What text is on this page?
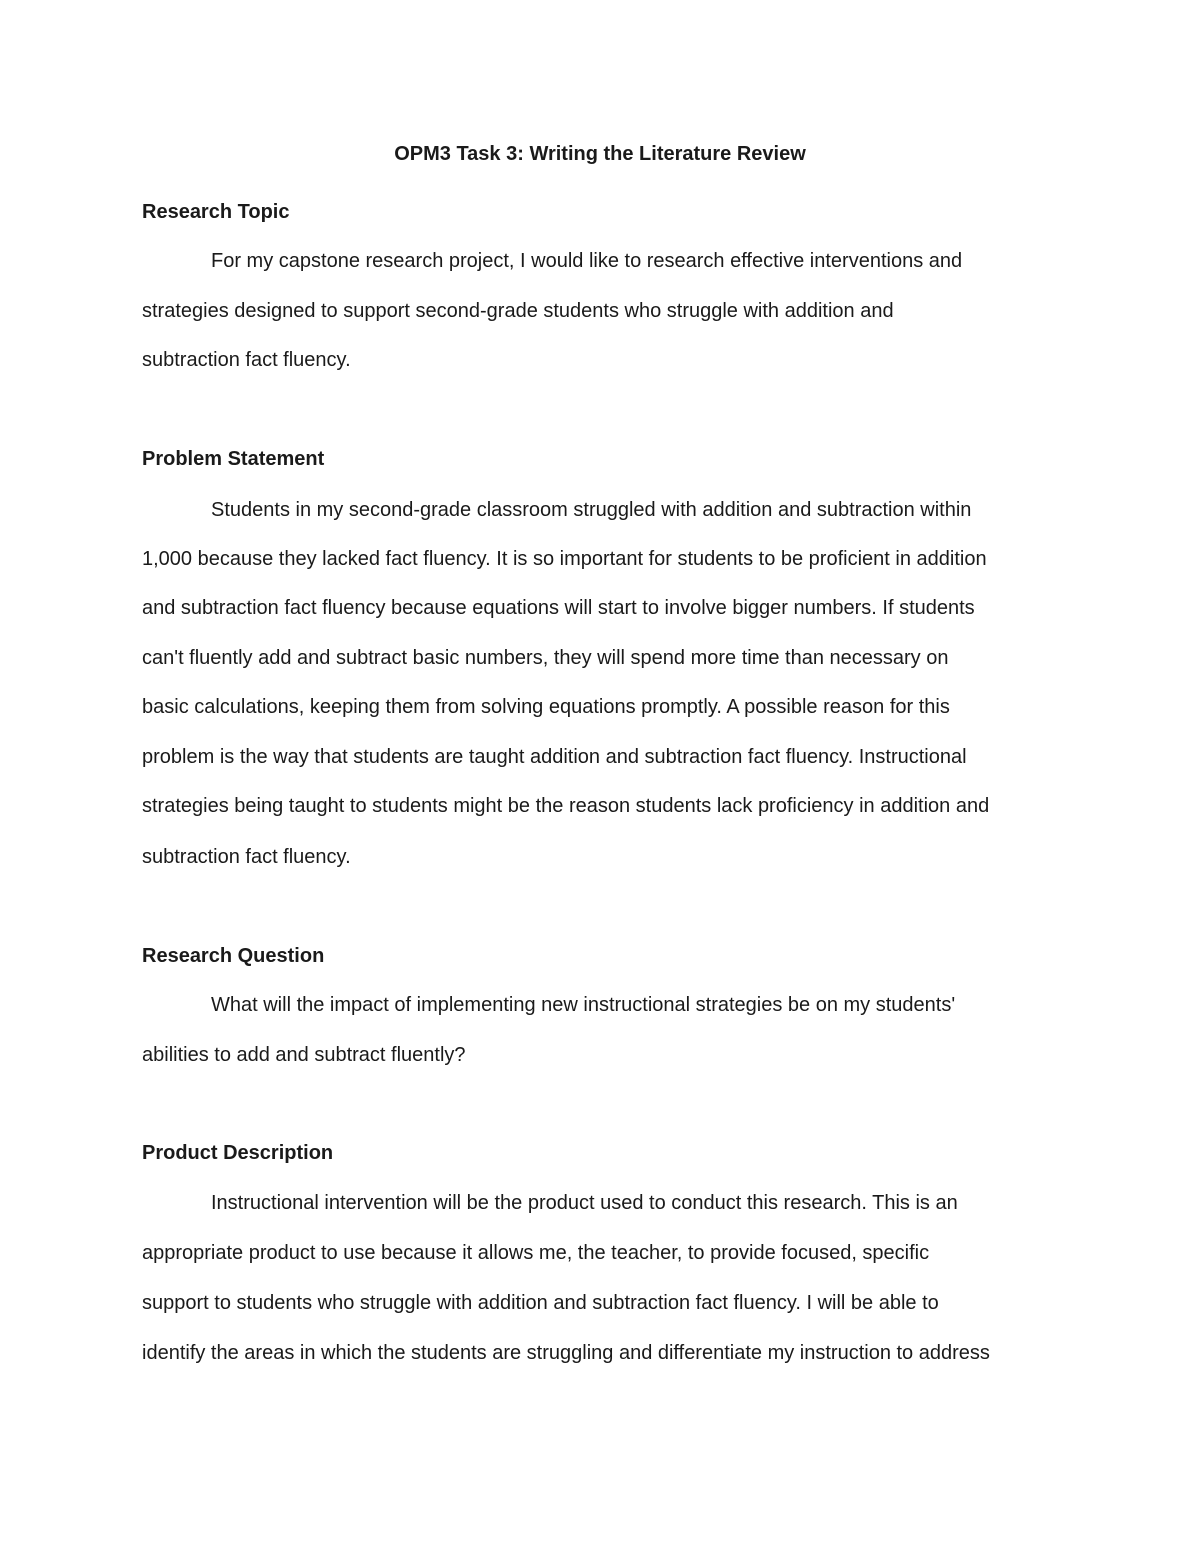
OPM3 Task 3: Writing the Literature Review
Research Topic
For my capstone research project, I would like to research effective interventions and
strategies designed to support second-grade students who struggle with addition and
subtraction fact fluency.
Problem Statement
Students in my second-grade classroom struggled with addition and subtraction within
1,000 because they lacked fact fluency. It is so important for students to be proficient in addition
and subtraction fact fluency because equations will start to involve bigger numbers. If students
can't fluently add and subtract basic numbers, they will spend more time than necessary on
basic calculations, keeping them from solving equations promptly. A possible reason for this
problem is the way that students are taught addition and subtraction fact fluency. Instructional
strategies being taught to students might be the reason students lack proficiency in addition and
subtraction fact fluency.
Research Question
What will the impact of implementing new instructional strategies be on my students'
abilities to add and subtract fluently?
Product Description
Instructional intervention will be the product used to conduct this research. This is an
appropriate product to use because it allows me, the teacher, to provide focused, specific
support to students who struggle with addition and subtraction fact fluency. I will be able to
identify the areas in which the students are struggling and differentiate my instruction to address
